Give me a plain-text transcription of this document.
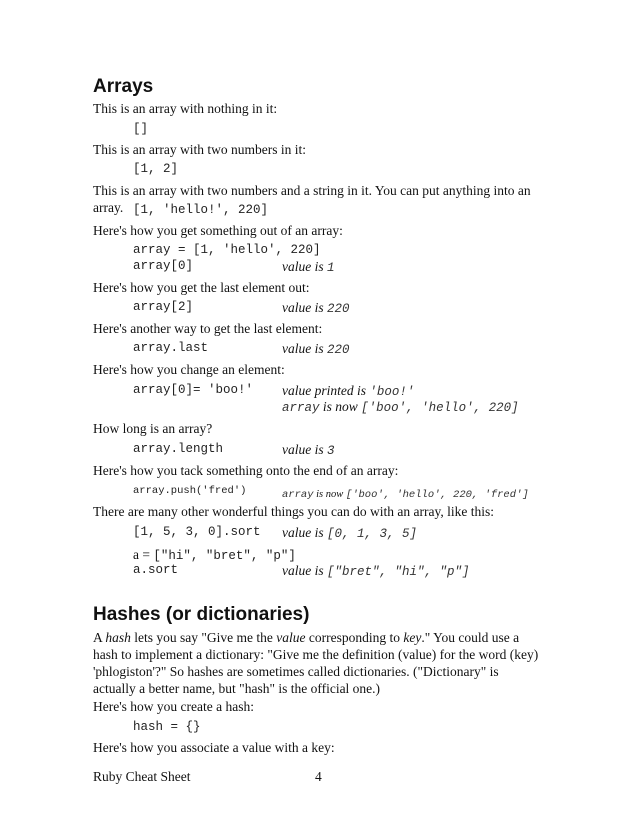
Arrays
This is an array with nothing in it:
[]
This is an array with two numbers in it:
[1, 2]
This is an array with two numbers and a string in it. You can put anything into an array. [1, 'hello!', 220]
Here's how you get something out of an array:
array = [1, 'hello', 220]
array[0]	value is 1
Here's how you get the last element out:
array[2]	value is 220
Here's another way to get the last element:
array.last	value is 220
Here's how you change an element:
array[0]= 'boo!' value printed is 'boo!'
array is now ['boo', 'hello', 220]
How long is an array?
array.length	value is 3
Here's how you tack something onto the end of an array:
array.push('fred')	array is now ['boo', 'hello', 220, 'fred']
There are many other wonderful things you can do with an array, like this:
[1, 5, 3, 0].sort value is [0, 1, 3, 5]
a = ["hi", "bret", "p"]
a.sort	value is ["bret", "hi", "p"]
Hashes (or dictionaries)
A hash lets you say "Give me the value corresponding to key." You could use a hash to implement a dictionary: "Give me the definition (value) for the word (key) 'phlogiston'?" So hashes are sometimes called dictionaries. ("Dictionary" is actually a better name, but "hash" is the official one.)
Here's how you create a hash:
hash = {}
Here's how you associate a value with a key:
Ruby Cheat Sheet	4
